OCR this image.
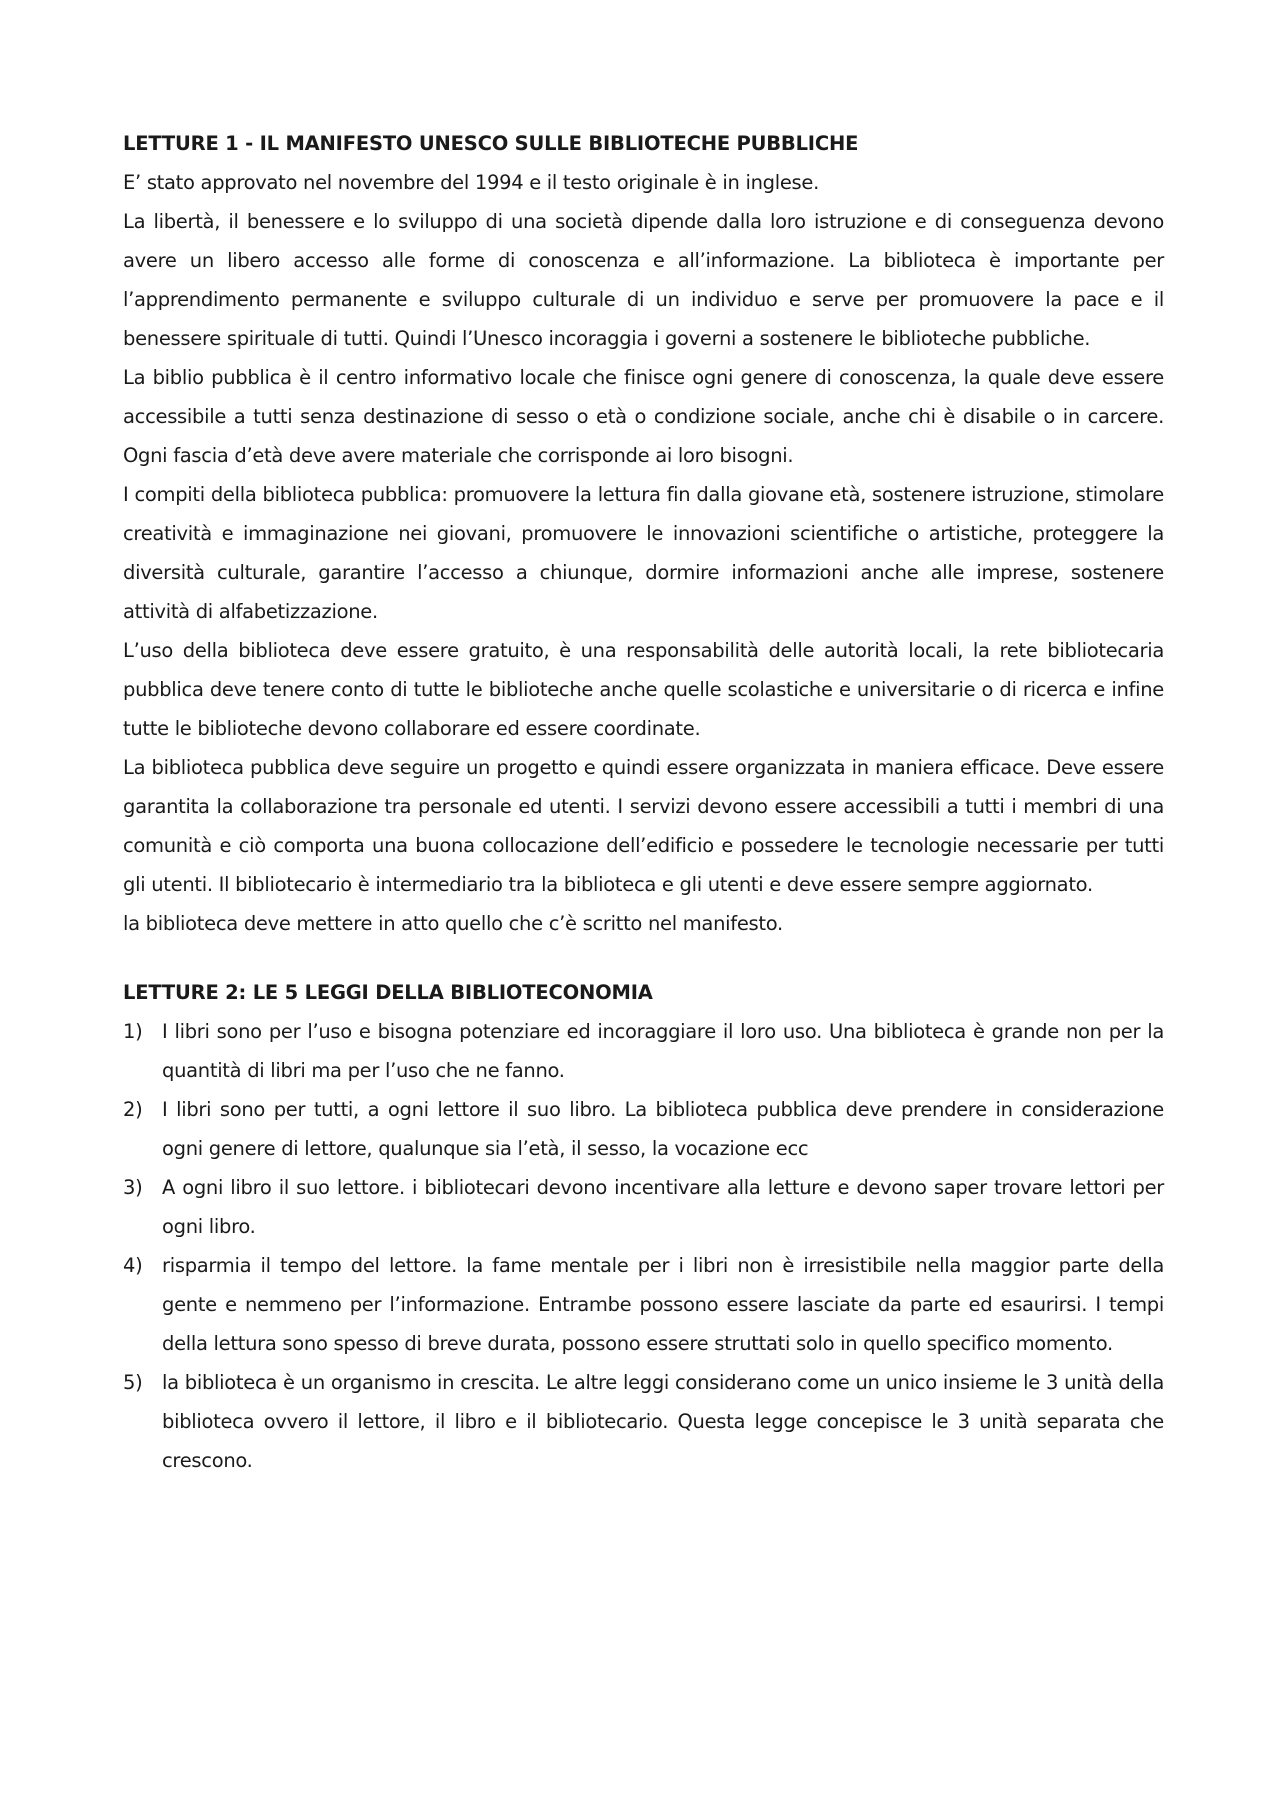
LETTURE 1 - IL MANIFESTO UNESCO SULLE BIBLIOTECHE PUBBLICHE

E’ stato approvato nel novembre del 1994 e il testo originale è in inglese.

La libertà, il benessere e lo sviluppo di una società dipende dalla loro istruzione e di conseguenza devono avere un libero accesso alle forme di conoscenza e all’informazione. La biblioteca è importante per l’apprendimento permanente e sviluppo culturale di un individuo e serve per promuovere la pace e il benessere spirituale di tutti. Quindi l’Unesco incoraggia i governi a sostenere le biblioteche pubbliche.

La biblio pubblica è il centro informativo locale che finisce ogni genere di conoscenza, la quale deve essere accessibile a tutti senza destinazione di sesso o età o condizione sociale, anche chi è disabile o in carcere. Ogni fascia d’età deve avere materiale che corrisponde ai loro bisogni.

I compiti della biblioteca pubblica: promuovere la lettura fin dalla giovane età, sostenere istruzione, stimolare creatività e immaginazione nei giovani, promuovere le innovazioni scientifiche o artistiche, proteggere la diversità culturale, garantire l’accesso a chiunque, dormire informazioni anche alle imprese, sostenere attività di alfabetizzazione.

L’uso della biblioteca deve essere gratuito, è una responsabilità delle autorità locali, la rete bibliotecaria pubblica deve tenere conto di tutte le biblioteche anche quelle scolastiche e universitarie o di ricerca e infine tutte le biblioteche devono collaborare ed essere coordinate.

La biblioteca pubblica deve seguire un progetto e quindi essere organizzata in maniera efficace. Deve essere garantita la collaborazione tra personale ed utenti. I servizi devono essere accessibili a tutti i membri di una comunità e ciò comporta una buona collocazione dell’edificio e possedere le tecnologie necessarie per tutti gli utenti. Il bibliotecario è intermediario tra la biblioteca e gli utenti e deve essere sempre aggiornato.

la biblioteca deve mettere in atto quello che c’è scritto nel manifesto.

LETTURE 2: LE 5 LEGGI DELLA BIBLIOTECONOMIA
1) I libri sono per l’uso e bisogna potenziare ed incoraggiare il loro uso. Una biblioteca è grande non per la quantità di libri ma per l’uso che ne fanno.
2) I libri sono per tutti, a ogni lettore il suo libro. La biblioteca pubblica deve prendere in considerazione ogni genere di lettore, qualunque sia l’età, il sesso, la vocazione ecc
3) A ogni libro il suo lettore. i bibliotecari devono incentivare alla letture e devono saper trovare lettori per ogni libro.
4) risparmia il tempo del lettore. la fame mentale per i libri non è irresistibile nella maggior parte della gente e nemmeno per l’informazione. Entrambe possono essere lasciate da parte ed esaurirsi. I tempi della lettura sono spesso di breve durata, possono essere struttati solo in quello specifico momento.
5) la biblioteca è un organismo in crescita. Le altre leggi considerano come un unico insieme le 3 unità della biblioteca ovvero il lettore, il libro e il bibliotecario. Questa legge concepisce le 3 unità separata che crescono.
